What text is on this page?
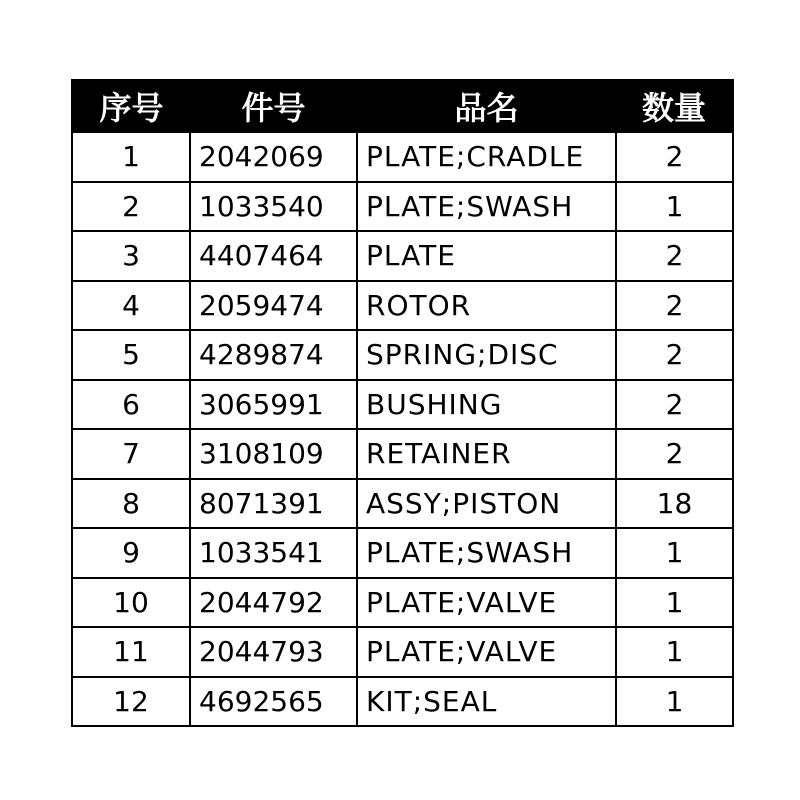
序号	件号	品名	数量
1	2042069	PLATE;CRADLE	2
2	1033540	PLATE;SWASH	1
3	4407464	PLATE	2
4	2059474	ROTOR	2
5	4289874	SPRING;DISC	2
6	3065991	BUSHING	2
7	3108109	RETAINER	2
8	8071391	ASSY;PISTON	18
9	1033541	PLATE;SWASH	1
10	2044792	PLATE;VALVE	1
11	2044793	PLATE;VALVE	1
12	4692565	KIT;SEAL	1
